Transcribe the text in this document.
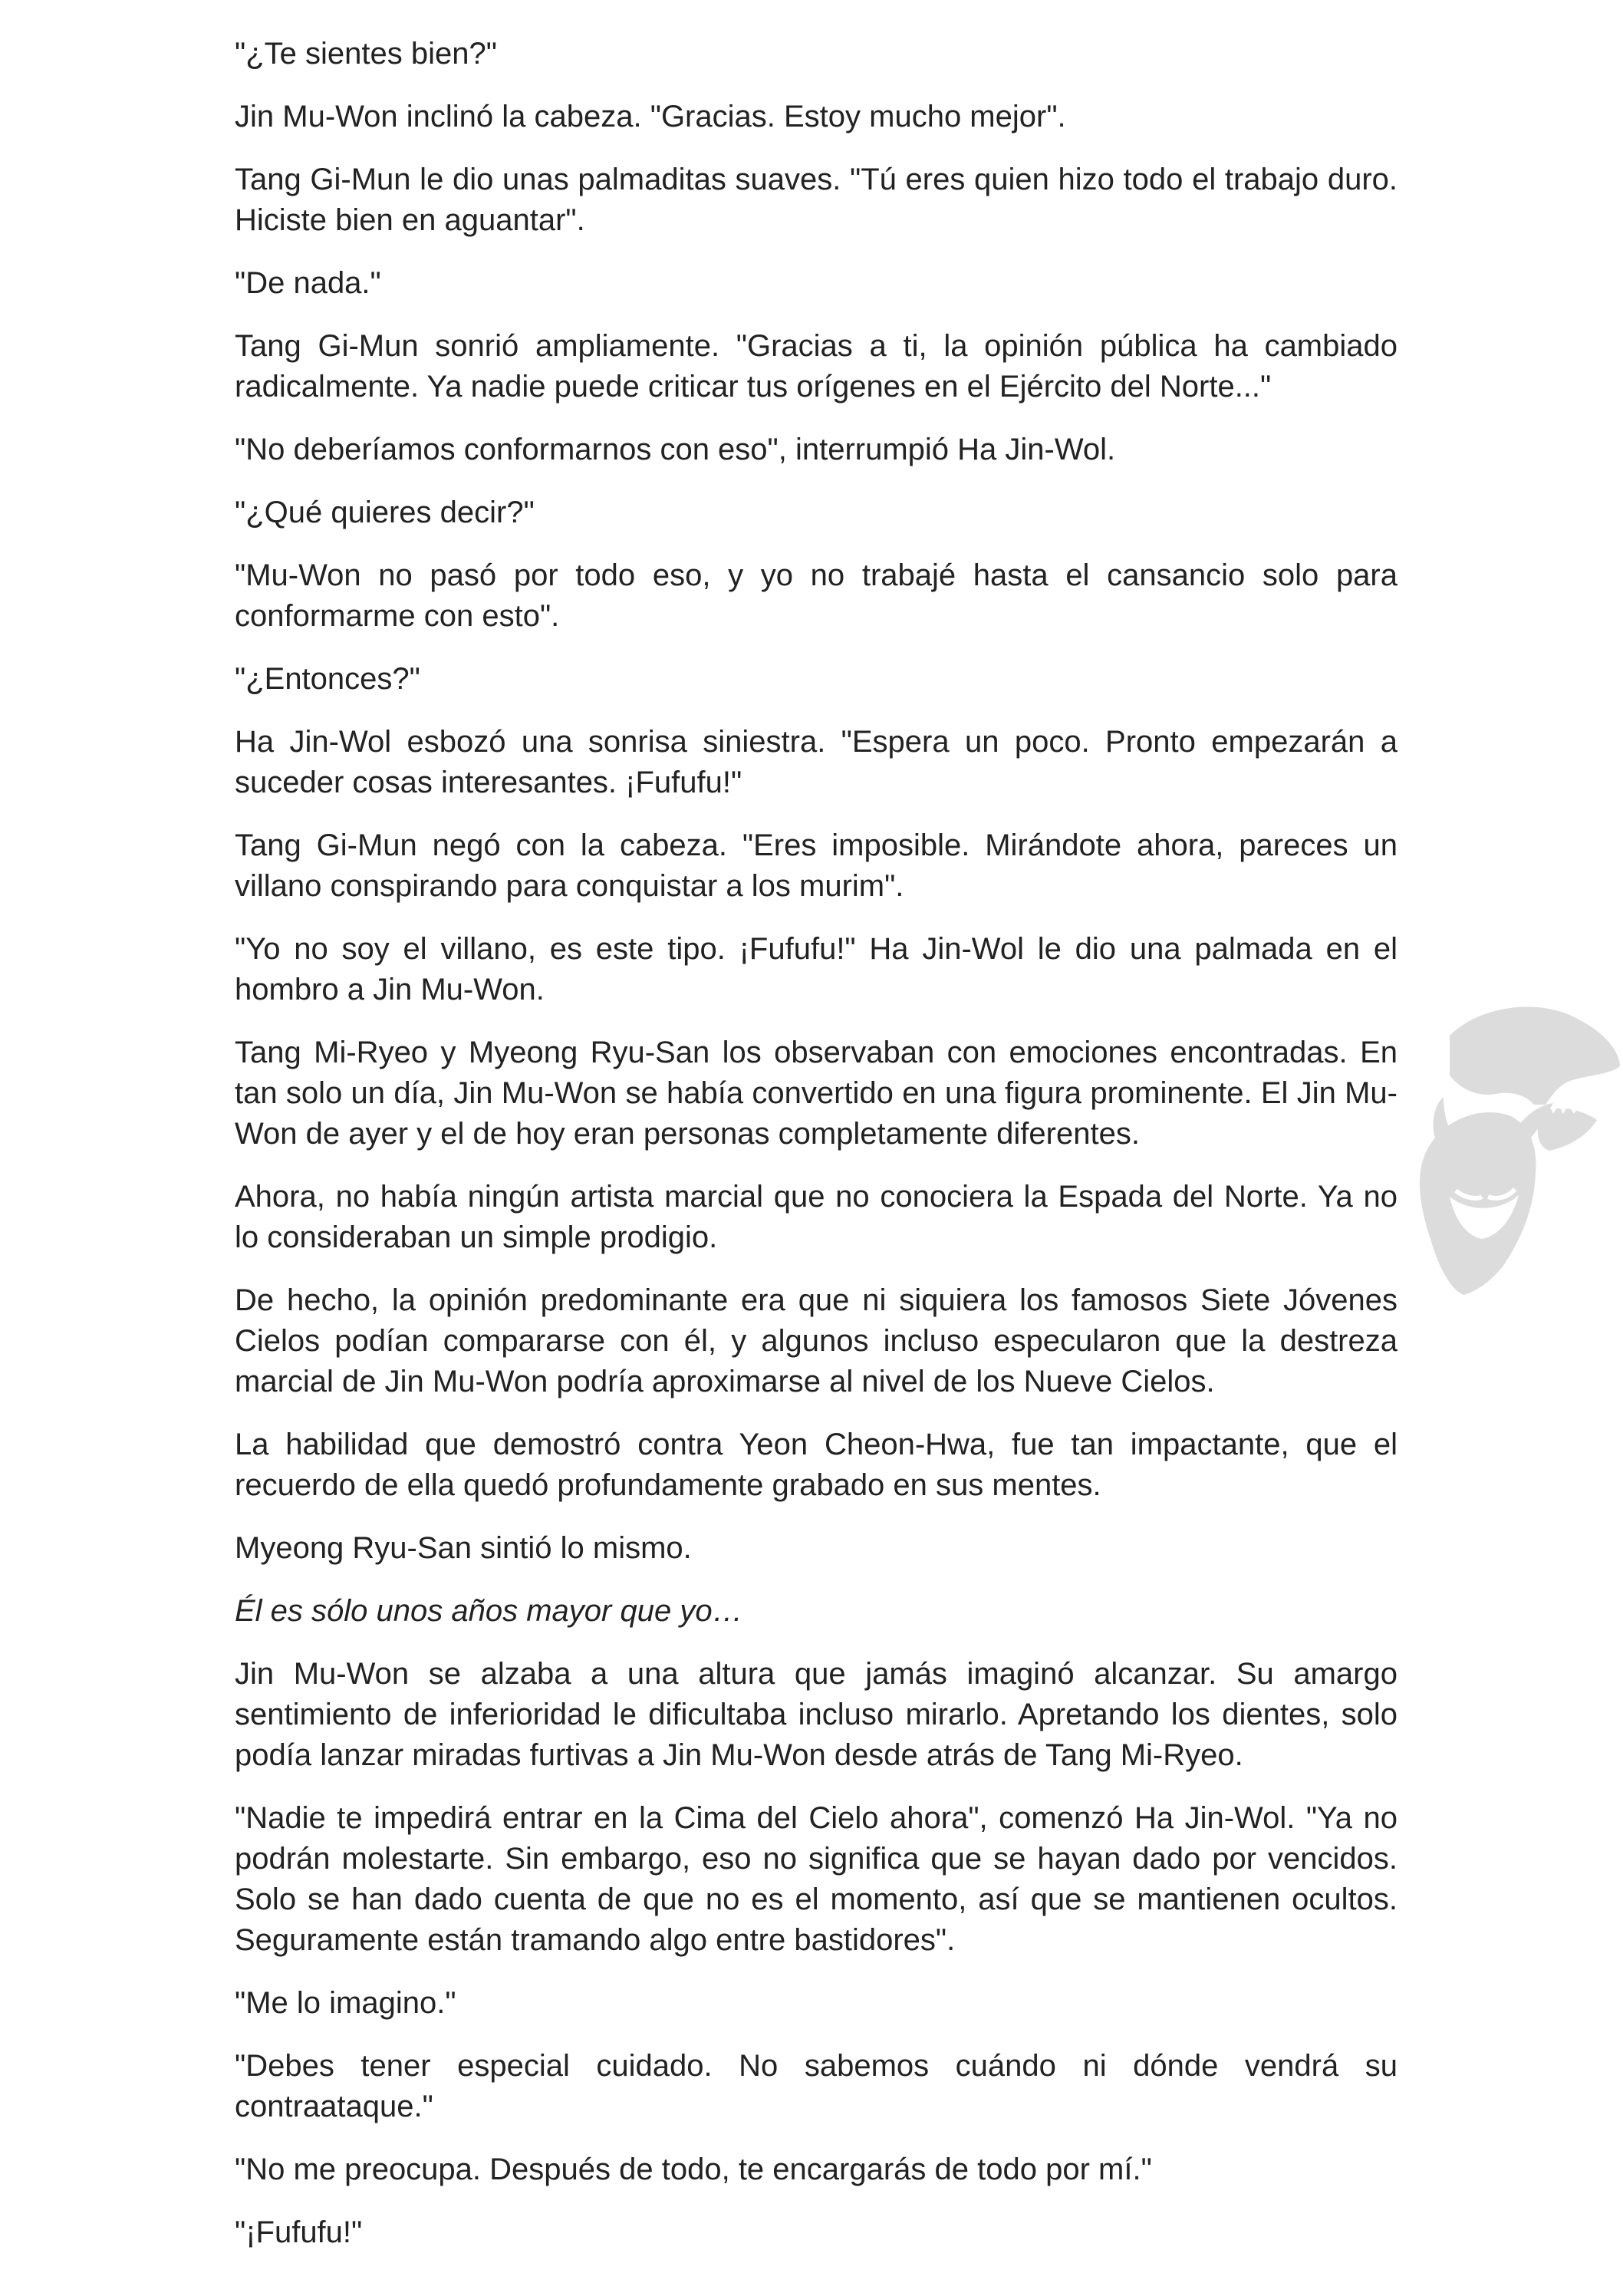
"¿Te sientes bien?"

Jin Mu-Won inclinó la cabeza. "Gracias. Estoy mucho mejor".

Tang Gi-Mun le dio unas palmaditas suaves. "Tú eres quien hizo todo el trabajo duro. Hiciste bien en aguantar".

"De nada."

Tang Gi-Mun sonrió ampliamente. "Gracias a ti, la opinión pública ha cambiado radicalmente. Ya nadie puede criticar tus orígenes en el Ejército del Norte..."

"No deberíamos conformarnos con eso", interrumpió Ha Jin-Wol.

"¿Qué quieres decir?"

"Mu-Won no pasó por todo eso, y yo no trabajé hasta el cansancio solo para conformarme con esto".

"¿Entonces?"

Ha Jin-Wol esbozó una sonrisa siniestra. "Espera un poco. Pronto empezarán a suceder cosas interesantes. ¡Fufufu!"

Tang Gi-Mun negó con la cabeza. "Eres imposible. Mirándote ahora, pareces un villano conspirando para conquistar a los murim".

"Yo no soy el villano, es este tipo. ¡Fufufu!" Ha Jin-Wol le dio una palmada en el hombro a Jin Mu-Won.

Tang Mi-Ryeo y Myeong Ryu-San los observaban con emociones encontradas. En tan solo un día, Jin Mu-Won se había convertido en una figura prominente. El Jin Mu-Won de ayer y el de hoy eran personas completamente diferentes.

Ahora, no había ningún artista marcial que no conociera la Espada del Norte. Ya no lo consideraban un simple prodigio.

De hecho, la opinión predominante era que ni siquiera los famosos Siete Jóvenes Cielos podían compararse con él, y algunos incluso especularon que la destreza marcial de Jin Mu-Won podría aproximarse al nivel de los Nueve Cielos.

La habilidad que demostró contra Yeon Cheon-Hwa, fue tan impactante, que el recuerdo de ella quedó profundamente grabado en sus mentes.

Myeong Ryu-San sintió lo mismo.

Él es sólo unos años mayor que yo…

Jin Mu-Won se alzaba a una altura que jamás imaginó alcanzar. Su amargo sentimiento de inferioridad le dificultaba incluso mirarlo. Apretando los dientes, solo podía lanzar miradas furtivas a Jin Mu-Won desde atrás de Tang Mi-Ryeo.

"Nadie te impedirá entrar en la Cima del Cielo ahora", comenzó Ha Jin-Wol. "Ya no podrán molestarte. Sin embargo, eso no significa que se hayan dado por vencidos. Solo se han dado cuenta de que no es el momento, así que se mantienen ocultos. Seguramente están tramando algo entre bastidores".

"Me lo imagino."

"Debes tener especial cuidado. No sabemos cuándo ni dónde vendrá su contraataque."

"No me preocupa. Después de todo, te encargarás de todo por mí."

"¡Fufufu!"
